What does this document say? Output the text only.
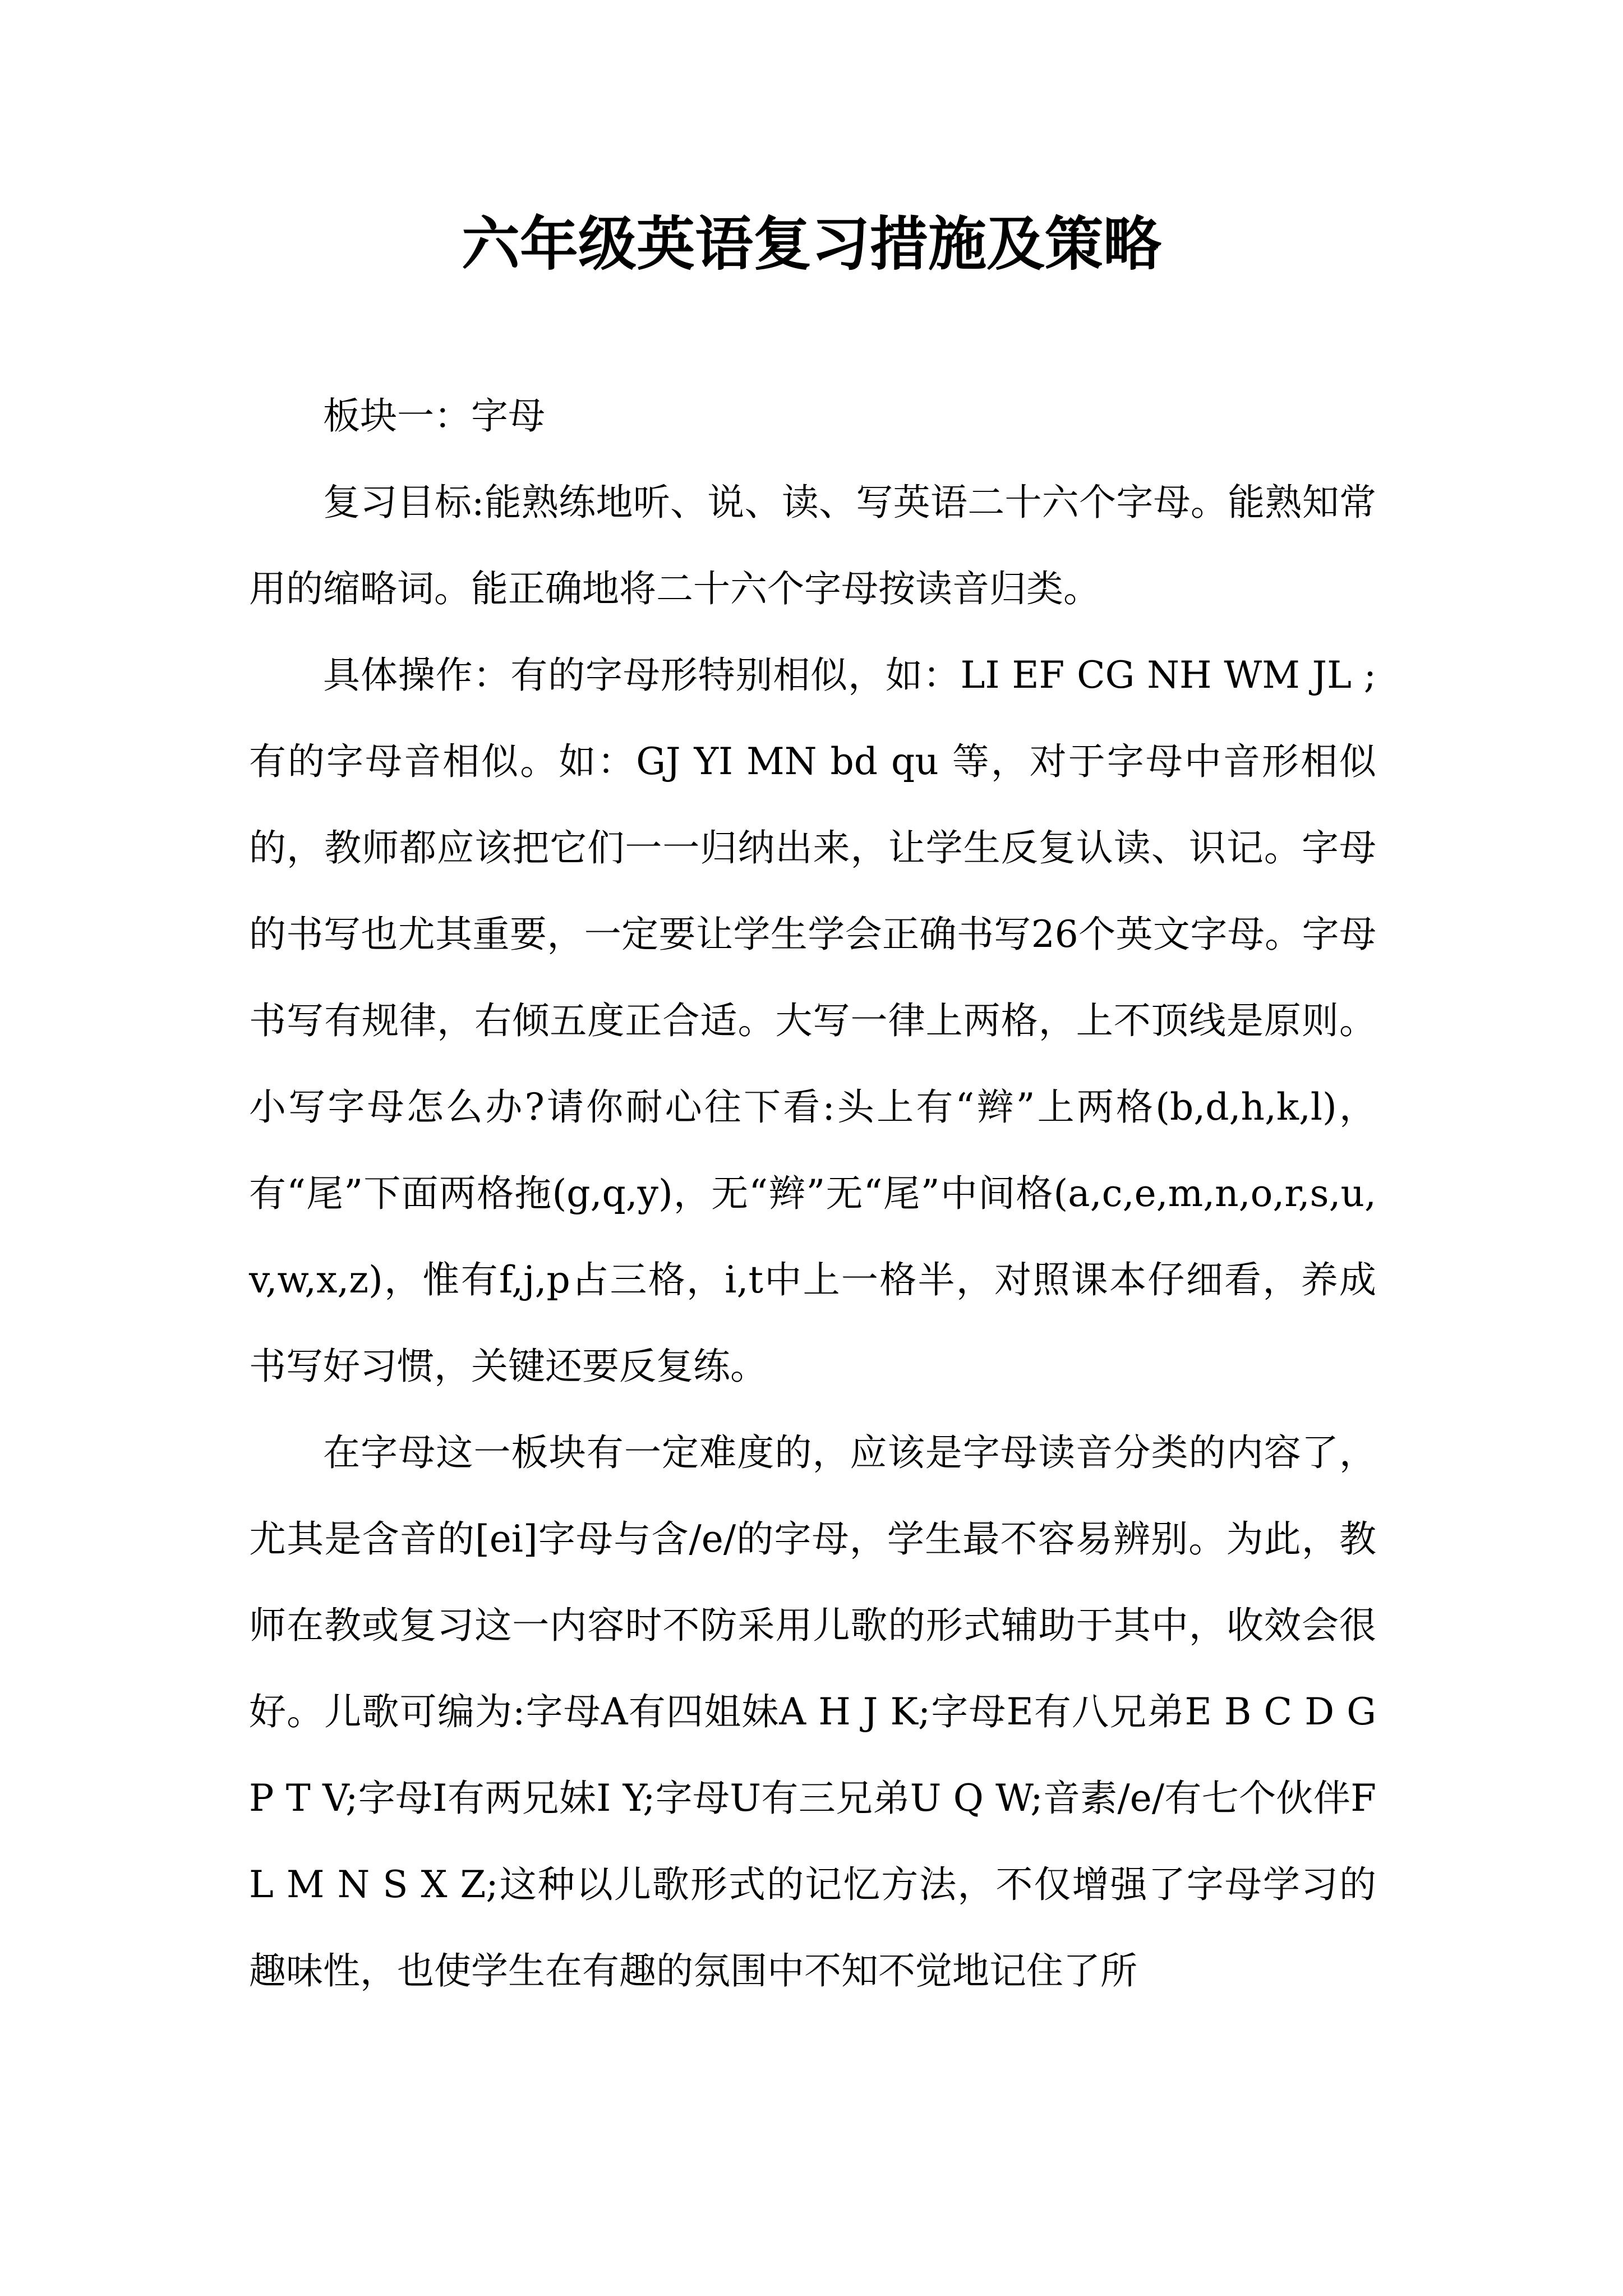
六年级英语复习措施及策略

板块一：字母

复习目标:能熟练地听、说、读、写英语二十六个字母。能熟知常用的缩略词。能正确地将二十六个字母按读音归类。

具体操作：有的字母形特别相似，如：LI EF CG NH WM JL ;有的字母音相似。如：GJ YI MN bd qu 等，对于字母中音形相似的，教师都应该把它们一一归纳出来，让学生反复认读、识记。字母的书写也尤其重要，一定要让学生学会正确书写26个英文字母。字母书写有规律，右倾五度正合适。大写一律上两格，上不顶线是原则。小写字母怎么办?请你耐心往下看:头上有“辫”上两格(b,d,h,k,l)，有“尾”下面两格拖(g,q,y)，无“辫”无“尾”中间格(a,c,e,m,n,o,r,s,u,v,w,x,z)，惟有f,j,p占三格，i,t中上一格半，对照课本仔细看，养成书写好习惯，关键还要反复练。

在字母这一板块有一定难度的，应该是字母读音分类的内容了，尤其是含音的[ei]字母与含/e/的字母，学生最不容易辨别。为此，教师在教或复习这一内容时不防采用儿歌的形式辅助于其中，收效会很好。儿歌可编为:字母A有四姐妹A H J K;字母E有八兄弟E B C D G P T V;字母I有两兄妹I Y;字母U有三兄弟U Q W;音素/e/有七个伙伴F L M N S X Z;这种以儿歌形式的记忆方法，不仅增强了字母学习的趣味性，也使学生在有趣的氛围中不知不觉地记住了所
